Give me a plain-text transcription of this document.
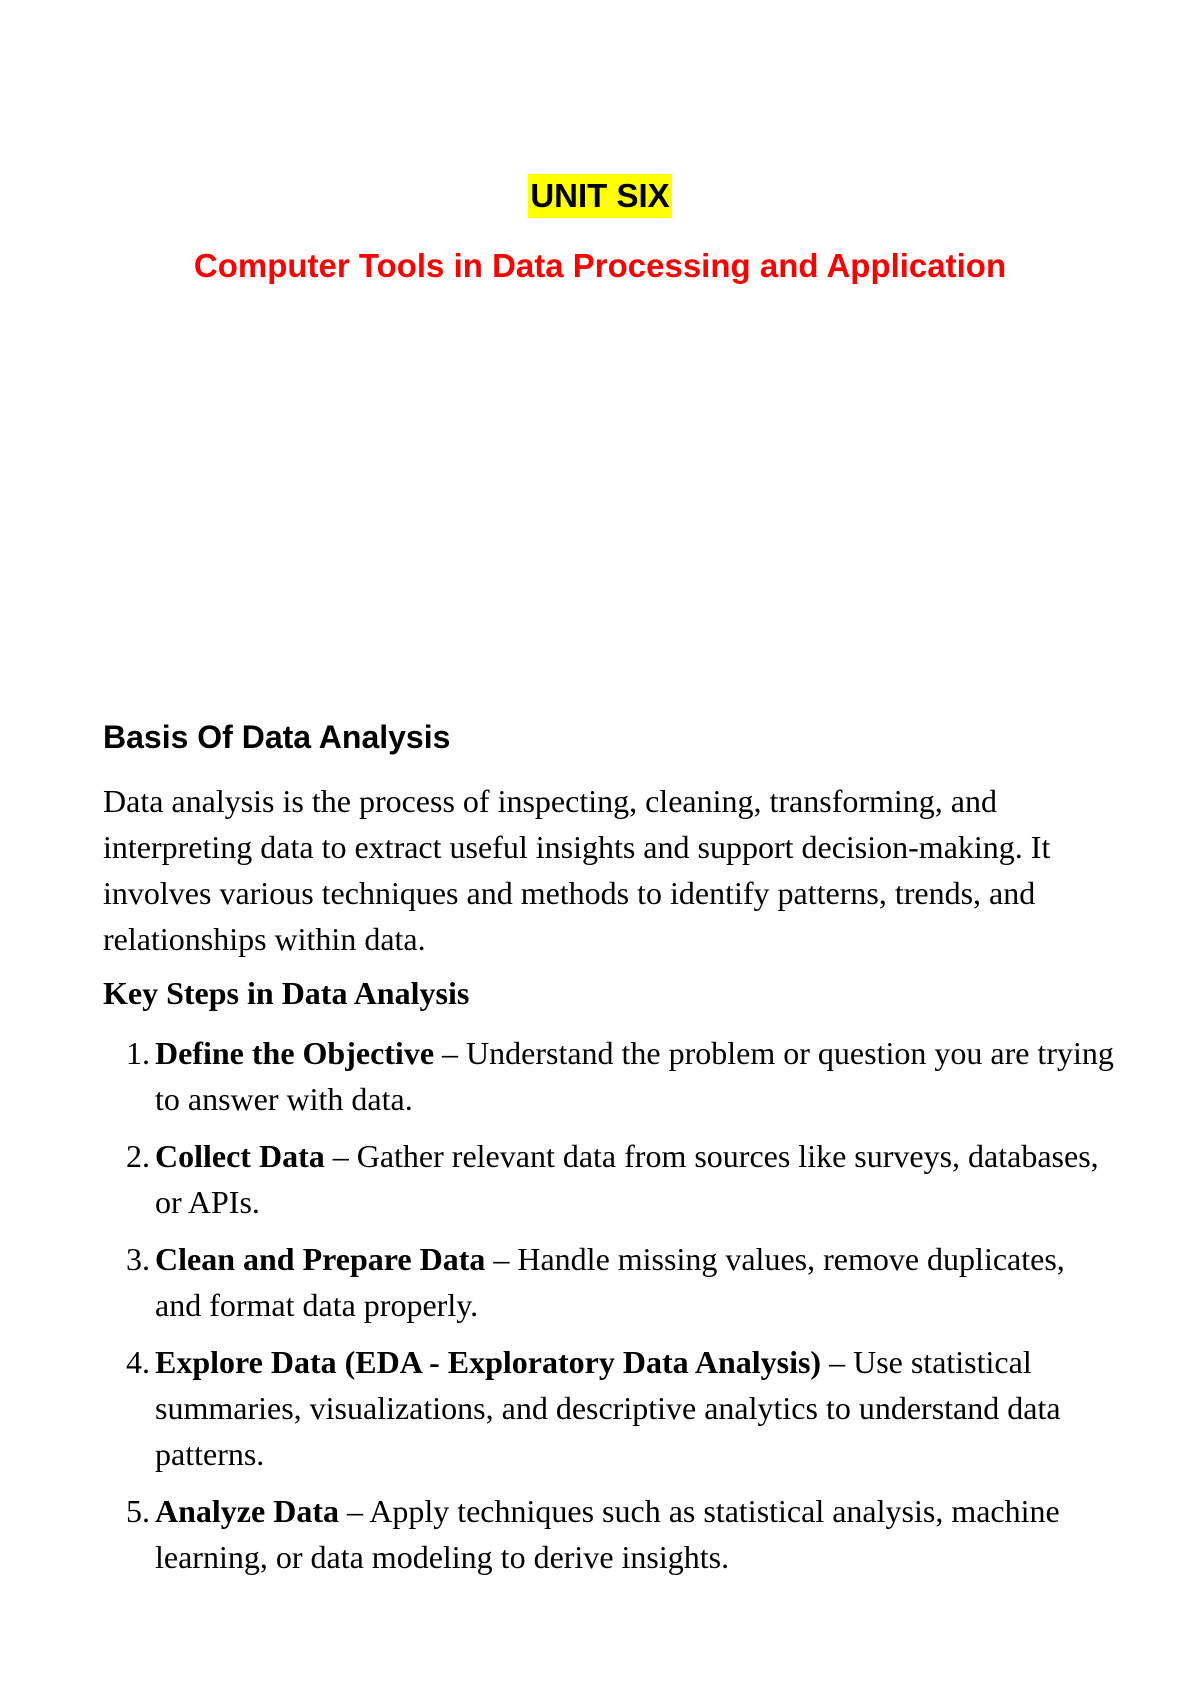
UNIT SIX
Computer Tools in Data Processing and Application
Basis Of Data Analysis

Data analysis is the process of inspecting, cleaning, transforming, and interpreting data to extract useful insights and support decision-making. It involves various techniques and methods to identify patterns, trends, and relationships within data.

Key Steps in Data Analysis
1. Define the Objective – Understand the problem or question you are trying to answer with data.
2. Collect Data – Gather relevant data from sources like surveys, databases, or APIs.
3. Clean and Prepare Data – Handle missing values, remove duplicates, and format data properly.
4. Explore Data (EDA - Exploratory Data Analysis) – Use statistical summaries, visualizations, and descriptive analytics to understand data patterns.
5. Analyze Data – Apply techniques such as statistical analysis, machine learning, or data modeling to derive insights.
